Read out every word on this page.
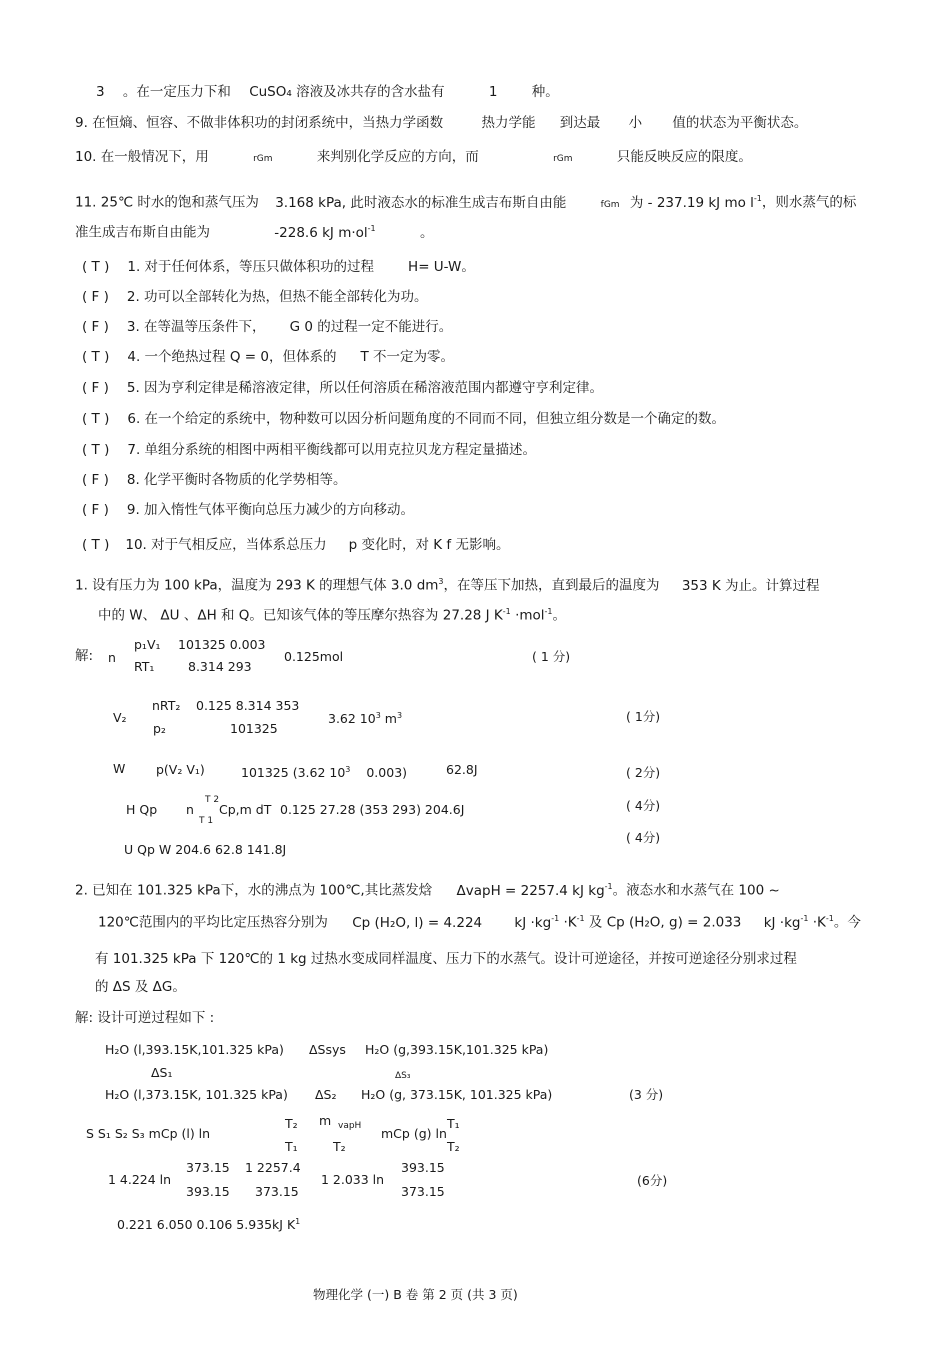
3 。在一定压力下和 CuSO₄ 溶液及冰共存的含水盐有	1	种。
9. 在恒熵、恒容、不做非体积功的封闭系统中，当热力学函数	热力学能 到达最 小 值的状态为平衡状态。
10. 在一般情况下，用	rGm	来判别化学反应的方向，而	rGm	只能反映反应的限度。
11. 25℃ 时水的饱和蒸气压为 3.168 kPa, 此时液态水的标准生成吉布斯自由能	fGm 为 - 237.19 kJ mo $l^{-1}$，则水蒸气的标
准生成吉布斯自由能为	-228.6 kJ $m\cdot ol^{-1}$	。
( T ) 1. 对于任何体系，等压只做体积功的过程	H= U-W。
( F ) 2. 功可以全部转化为热，但热不能全部转化为功。
( F ) 3. 在等温等压条件下， G 0 的过程一定不能进行。
( T ) 4. 一个绝热过程 Q = 0，但体系的 T 不一定为零。
( F ) 5. 因为亨利定律是稀溶液定律，所以任何溶质在稀溶液范围内都遵守亨利定律。
( T ) 6. 在一个给定的系统中，物种数可以因分析问题角度的不同而不同，但独立组分数是一个确定的数。
( T ) 7. 单组分系统的相图中两相平衡线都可以用克拉贝龙方程定量描述。
( F ) 8. 化学平衡时各物质的化学势相等。
( F ) 9. 加入惰性气体平衡向总压力减少的方向移动。
( T ) 10. 对于气相反应，当体系总压力 p 变化时，对 K f 无影响。
1. 设有压力为 100 kPa，温度为 293 K 的理想气体 3.0 $dm^3$，在等压下加热，直到最后的温度为 353 K 为止。计算过程
中的 W、 ΔU 、ΔH 和 Q。已知该气体的等压摩尔热容为 27.28 J $K^{-1} \cdot mol^{-1}$。
解: n
p₁V₁ 101325 0.003
RT₁	8.314 293
0.125mol	( 1 分)
V₂
nRT₂ 0.125 8.314 353
p₂	101325
3.62 $10^3$ $m^3$	( 1分)
W p(V₂ V₁)	101325 (3.62 $10^3$ 0.003)	62.8J	( 2分)
H Qp n
T 2
T 1
Cp,m dT 0.125 27.28 (353 293) 204.6J	( 4分)
( 4分)
U Qp W 204.6 62.8 141.8J
2. 已知在 101.325 kPa下，水的沸点为 100℃,其比蒸发焓 ΔvapH = 2257.4 kJ $kg^{-1}$。液态水和水蒸气在 100 ~
120℃范围内的平均比定压热容分别为 Cp (H₂O, l) = 4.224 kJ $\cdot kg^{-1} \cdot K^{-1}$ 及 Cp (H₂O, g) = 2.033 kJ $\cdot kg^{-1} \cdot K^{-1}$。今
有 101.325 kPa 下 120℃的 1 kg 过热水变成同样温度、压力下的水蒸气。设计可逆途径，并按可逆途径分别求过程
的 ΔS 及 ΔG。
解: 设计可逆过程如下 :
H₂O (l,393.15K,101.325 kPa) ΔSsys H₂O (g,393.15K,101.325 kPa)
ΔS₁	ΔS₃
H₂O (l,373.15K, 101.325 kPa) ΔS₂ H₂O (g, 373.15K, 101.325 kPa)	(3 分)
S S₁ S₂ S₃ mCp (l) ln
T₂
T₁
m vapH
T₂
mCp (g) ln
T₁
T₂
1 4.224 ln
373.15
393.15
1 2257.4
373.15
1 2.033 ln
393.15
373.15
(6分)
0.221 6.050 0.106 5.935kJ $K^1$
物理化学 (一) B 卷 第 2 页 (共 3 页)
